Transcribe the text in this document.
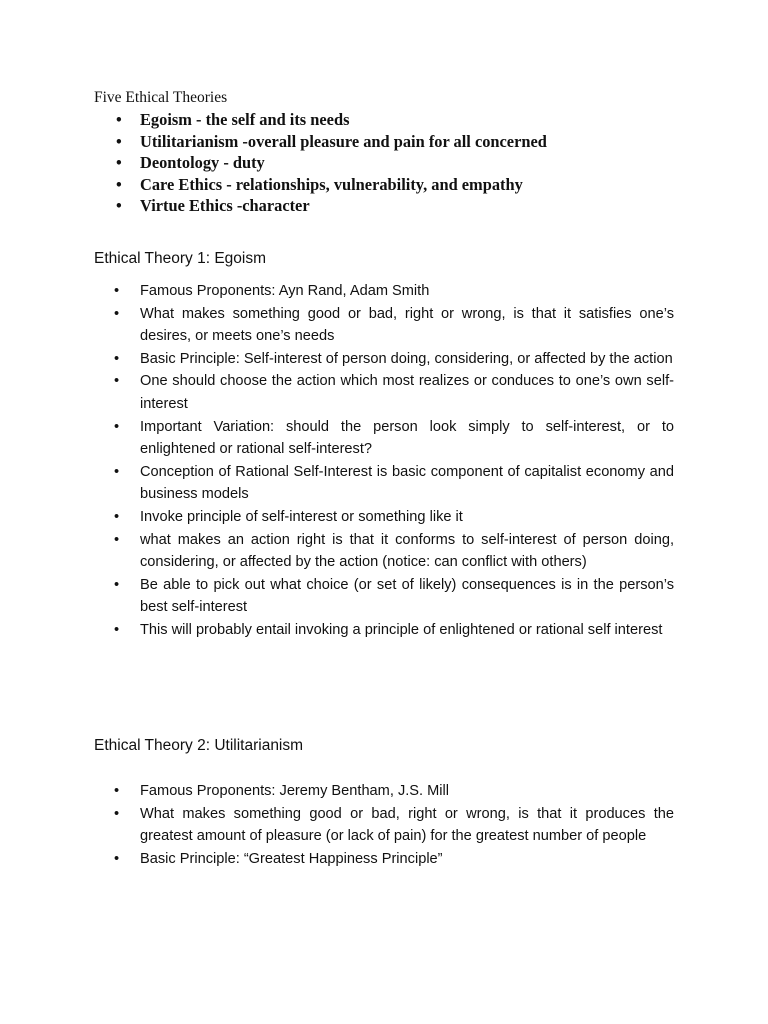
Five Ethical Theories
• Egoism - the self and its needs
• Utilitarianism -overall pleasure and pain for all concerned
• Deontology - duty
• Care Ethics - relationships, vulnerability, and empathy
• Virtue Ethics -character
Ethical Theory 1: Egoism
• Famous Proponents: Ayn Rand, Adam Smith
• What makes something good or bad, right or wrong, is that it satisfies one’s desires, or meets one’s needs
• Basic Principle: Self-interest of person doing, considering, or affected by the action
• One should choose the action which most realizes or conduces to one’s own self-interest
• Important Variation: should the person look simply to self-interest, or to enlightened or rational self-interest?
• Conception of Rational Self-Interest is basic component of capitalist economy and business models
• Invoke principle of self-interest or something like it
• what makes an action right is that it conforms to self-interest of person doing, considering, or affected by the action (notice: can conflict with others)
• Be able to pick out what choice (or set of likely) consequences is in the person’s best self-interest
• This will probably entail invoking a principle of enlightened or rational self interest
Ethical Theory 2: Utilitarianism
• Famous Proponents: Jeremy Bentham, J.S. Mill
• What makes something good or bad, right or wrong, is that it produces the greatest amount of pleasure (or lack of pain) for the greatest number of people
• Basic Principle: “Greatest Happiness Principle”
